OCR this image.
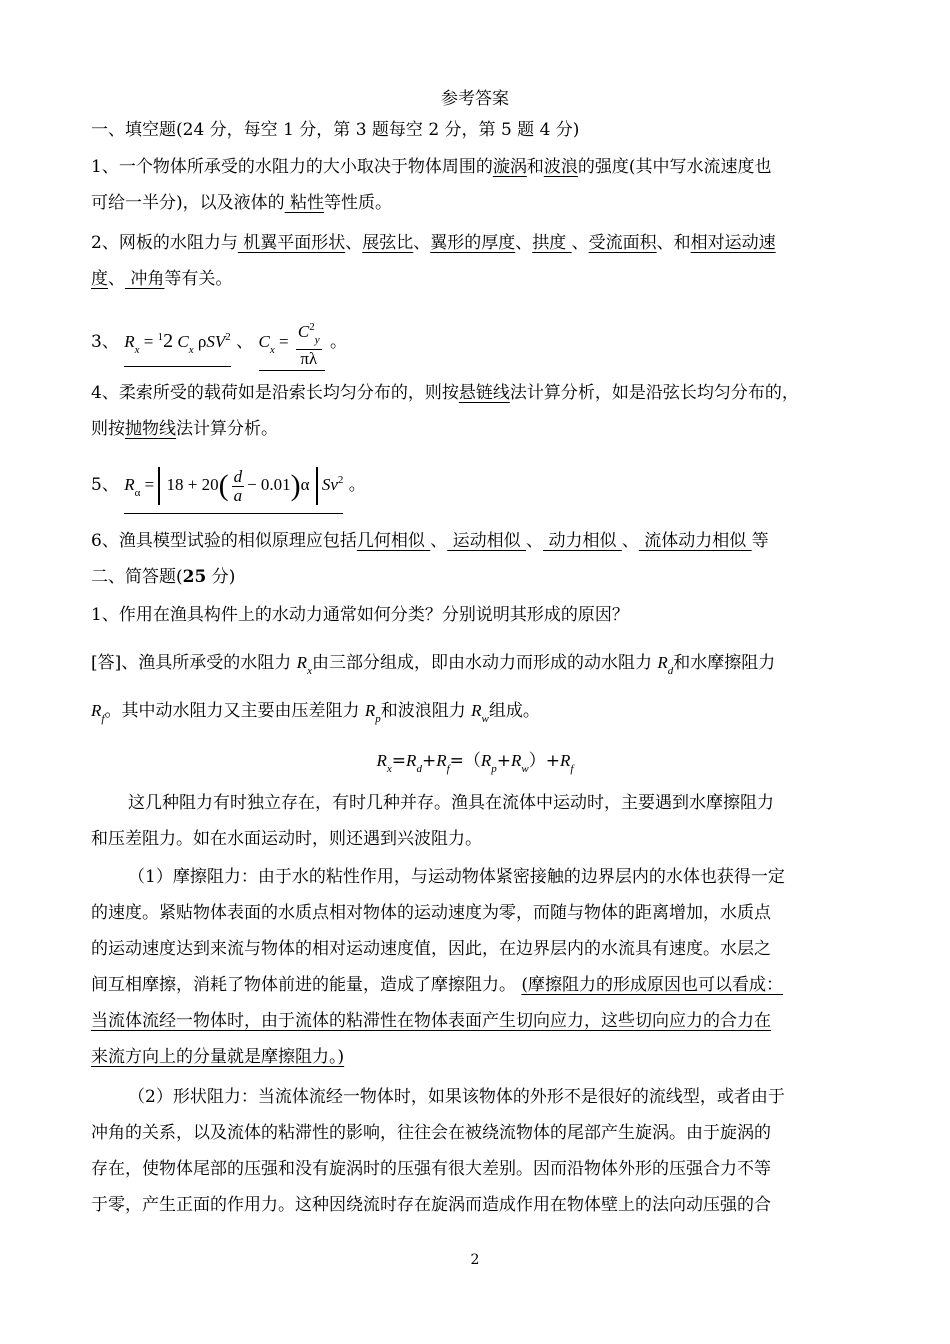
参考答案
一、填空题(24 分，每空 1 分，第 3 题每空 2 分，第 5 题 4 分)
1、一个物体所承受的水阻力的大小取决于物体周围的漩涡和波浪的强度(其中写水流速度也
可给一半分)，以及液体的 粘性等性质。
2、网板的水阻力与 机翼平面形状、展弦比、翼形的厚度、拱度 、受流面积、和相对运动速
度、 冲角等有关。
3、 $R_x = ^12$ $C_x$ ρSV$^2$ 、 $C_x = \frac{C^2_y}{\pi\lambda}$ 。
4、柔索所受的载荷如是沿索长均匀分布的，则按悬链线法计算分析，如是沿弦长均匀分布的，
则按抛物线法计算分析。
5、 $R_\alpha = 18 + 20( \frac{d}{a} - 0.01)\alpha$ Sv$^2$ 。
6、渔具模型试验的相似原理应包括几何相似 、 运动相似 、 动力相似 、 流体动力相似 等
二、简答题(25 分)
1、作用在渔具构件上的水动力通常如何分类？分别说明其形成的原因？
[答]、渔具所承受的水阻力 $R_x$由三部分组成，即由水动力而形成的动水阻力 $R_d$和水摩擦阻力
$R_f$。其中动水阻力又主要由压差阻力 $R_p$和波浪阻力 $R_w$组成。
$R_x=R_d+R_f=(R_p+R_w)+R_f$
这几种阻力有时独立存在，有时几种并存。渔具在流体中运动时，主要遇到水摩擦阻力
和压差阻力。如在水面运动时，则还遇到兴波阻力。
（1）摩擦阻力：由于水的粘性作用，与运动物体紧密接触的边界层内的水体也获得一定
的速度。紧贴物体表面的水质点相对物体的运动速度为零，而随与物体的距离增加，水质点
的运动速度达到来流与物体的相对运动速度值，因此，在边界层内的水流具有速度。水层之
间互相摩擦，消耗了物体前进的能量，造成了摩擦阻力。 (摩擦阻力的形成原因也可以看成：
当流体流经一物体时，由于流体的粘滞性在物体表面产生切向应力，这些切向应力的合力在
来流方向上的分量就是摩擦阻力。)
（2）形状阻力：当流体流经一物体时，如果该物体的外形不是很好的流线型，或者由于
冲角的关系，以及流体的粘滞性的影响，往往会在被绕流物体的尾部产生旋涡。由于旋涡的
存在，使物体尾部的压强和没有旋涡时的压强有很大差别。因而沿物体外形的压强合力不等
于零，产生正面的作用力。这种因绕流时存在旋涡而造成作用在物体壁上的法向动压强的合
2
